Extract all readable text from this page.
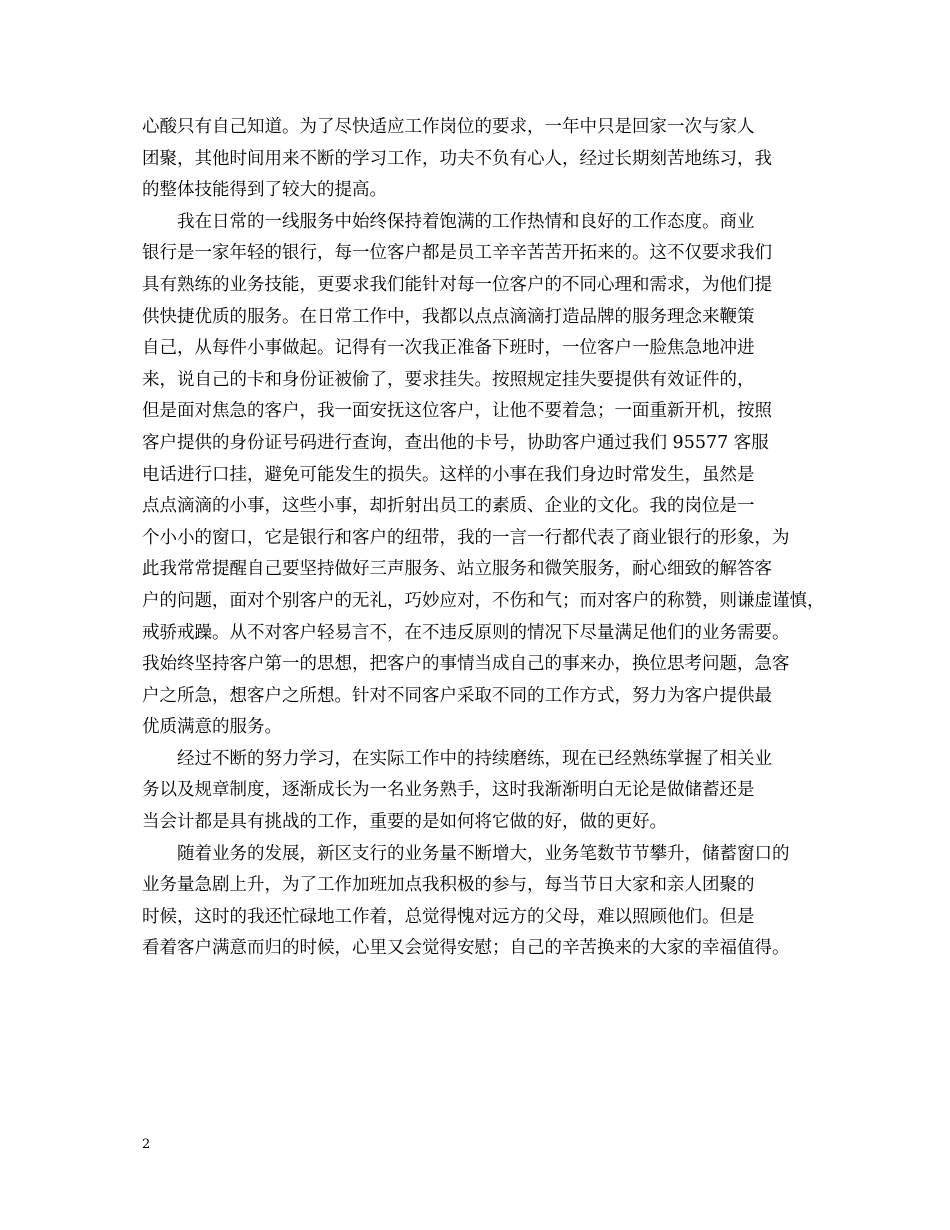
心酸只有自己知道。为了尽快适应工作岗位的要求，一年中只是回家一次与家人
团聚，其他时间用来不断的学习工作，功夫不负有心人，经过长期刻苦地练习，我
的整体技能得到了较大的提高。
我在日常的一线服务中始终保持着饱满的工作热情和良好的工作态度。商业
银行是一家年轻的银行，每一位客户都是员工辛辛苦苦开拓来的。这不仅要求我们
具有熟练的业务技能，更要求我们能针对每一位客户的不同心理和需求，为他们提
供快捷优质的服务。在日常工作中，我都以点点滴滴打造品牌的服务理念来鞭策
自己，从每件小事做起。记得有一次我正准备下班时，一位客户一脸焦急地冲进
来，说自己的卡和身份证被偷了，要求挂失。按照规定挂失要提供有效证件的，
但是面对焦急的客户，我一面安抚这位客户，让他不要着急；一面重新开机，按照
客户提供的身份证号码进行查询，查出他的卡号，协助客户通过我们 95577 客服
电话进行口挂，避免可能发生的损失。这样的小事在我们身边时常发生，虽然是
点点滴滴的小事，这些小事，却折射出员工的素质、企业的文化。我的岗位是一
个小小的窗口，它是银行和客户的纽带，我的一言一行都代表了商业银行的形象，为
此我常常提醒自己要坚持做好三声服务、站立服务和微笑服务，耐心细致的解答客
户的问题，面对个别客户的无礼，巧妙应对，不伤和气；而对客户的称赞，则谦虚谨慎，
戒骄戒躁。从不对客户轻易言不，在不违反原则的情况下尽量满足他们的业务需要。
我始终坚持客户第一的思想，把客户的事情当成自己的事来办，换位思考问题，急客
户之所急，想客户之所想。针对不同客户采取不同的工作方式，努力为客户提供最
优质满意的服务。
经过不断的努力学习，在实际工作中的持续磨练，现在已经熟练掌握了相关业
务以及规章制度，逐渐成长为一名业务熟手，这时我渐渐明白无论是做储蓄还是
当会计都是具有挑战的工作，重要的是如何将它做的好，做的更好。
随着业务的发展，新区支行的业务量不断增大，业务笔数节节攀升，储蓄窗口的
业务量急剧上升，为了工作加班加点我积极的参与，每当节日大家和亲人团聚的
时候，这时的我还忙碌地工作着，总觉得愧对远方的父母，难以照顾他们。但是
看着客户满意而归的时候，心里又会觉得安慰；自己的辛苦换来的大家的幸福值得。
2
